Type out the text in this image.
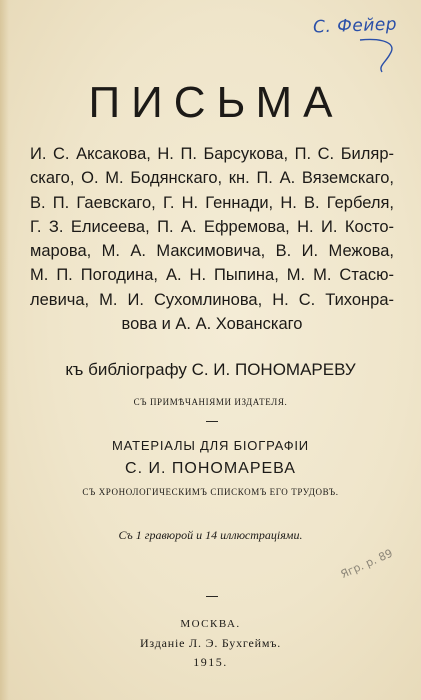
С. Фейер
ПИСЬМА
И. С. Аксакова, Н. П. Барсукова, П. С. Биляр-
скаго, О. М. Бодянскаго, кн. П. А. Вяземскаго,
В. П. Гаевскаго, Г. Н. Геннади, Н. В. Гербеля,
Г. З. Елисеева, П. А. Ефремова, Н. И. Косто-
марова, М. А. Максимовича, В. И. Межова,
М. П. Погодина, А. Н. Пыпина, М. М. Стасю-
левича, М. И. Сухомлинова, Н. С. Тихонра-
вова и А. А. Хованскаго
къ библiографу С. И. ПОНОМАРЕВУ
СЪ ПРИМѢЧАНIЯМИ ИЗДАТЕЛЯ.
МАТЕРIАЛЫ ДЛЯ БIОГРАФIИ
С. И. ПОНОМАРЕВА
СЪ ХРОНОЛОГИЧЕСКИМЪ СПИСКОМЪ ЕГО ТРУДОВЪ.
Съ 1 гравюрой и 14 иллюстрацiями.
Ягр. р. 89
МОСКВА.
Изданiе Л. Э. Бухгеймъ.
1915.
